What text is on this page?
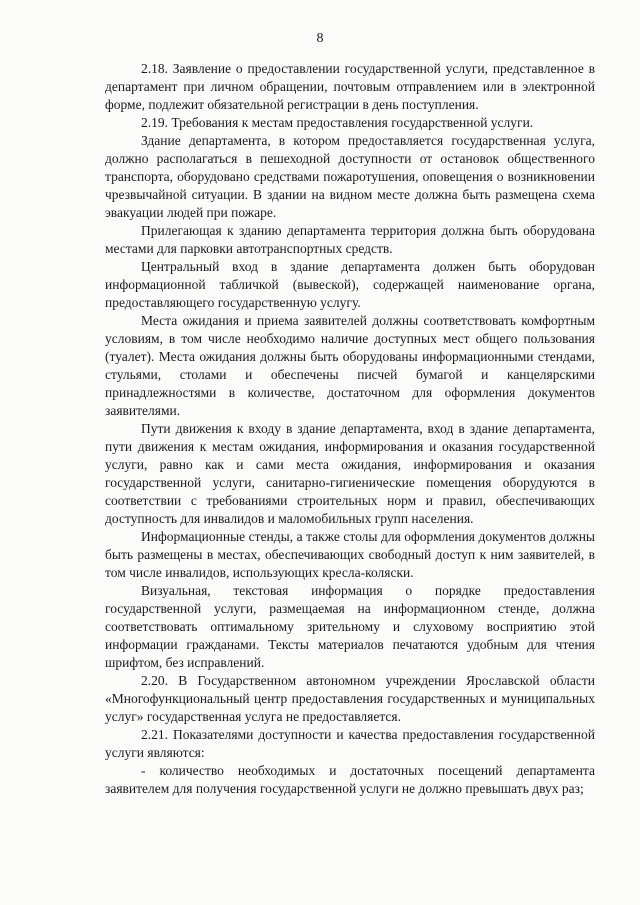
8

2.18. Заявление о предоставлении государственной услуги, представленное в департамент при личном обращении, почтовым отправлением или в электронной форме, подлежит обязательной регистрации в день поступления.

2.19. Требования к местам предоставления государственной услуги.

Здание департамента, в котором предоставляется государственная услуга, должно располагаться в пешеходной доступности от остановок общественного транспорта, оборудовано средствами пожаротушения, оповещения о возникновении чрезвычайной ситуации. В здании на видном месте должна быть размещена схема эвакуации людей при пожаре.

Прилегающая к зданию департамента территория должна быть оборудована местами для парковки автотранспортных средств.

Центральный вход в здание департамента должен быть оборудован информационной табличкой (вывеской), содержащей наименование органа, предоставляющего государственную услугу.

Места ожидания и приема заявителей должны соответствовать комфортным условиям, в том числе необходимо наличие доступных мест общего пользования (туалет). Места ожидания должны быть оборудованы информационными стендами, стульями, столами и обеспечены писчей бумагой и канцелярскими принадлежностями в количестве, достаточном для оформления документов заявителями.

Пути движения к входу в здание департамента, вход в здание департамента, пути движения к местам ожидания, информирования и оказания государственной услуги, равно как и сами места ожидания, информирования и оказания государственной услуги, санитарно-гигиенические помещения оборудуются в соответствии с требованиями строительных норм и правил, обеспечивающих доступность для инвалидов и маломобильных групп населения.

Информационные стенды, а также столы для оформления документов должны быть размещены в местах, обеспечивающих свободный доступ к ним заявителей, в том числе инвалидов, использующих кресла-коляски.

Визуальная, текстовая информация о порядке предоставления государственной услуги, размещаемая на информационном стенде, должна соответствовать оптимальному зрительному и слуховому восприятию этой информации гражданами. Тексты материалов печатаются удобным для чтения шрифтом, без исправлений.

2.20. В Государственном автономном учреждении Ярославской области «Многофункциональный центр предоставления государственных и муниципальных услуг» государственная услуга не предоставляется.

2.21. Показателями доступности и качества предоставления государственной услуги являются:

- количество необходимых и достаточных посещений департамента заявителем для получения государственной услуги не должно превышать двух раз;
